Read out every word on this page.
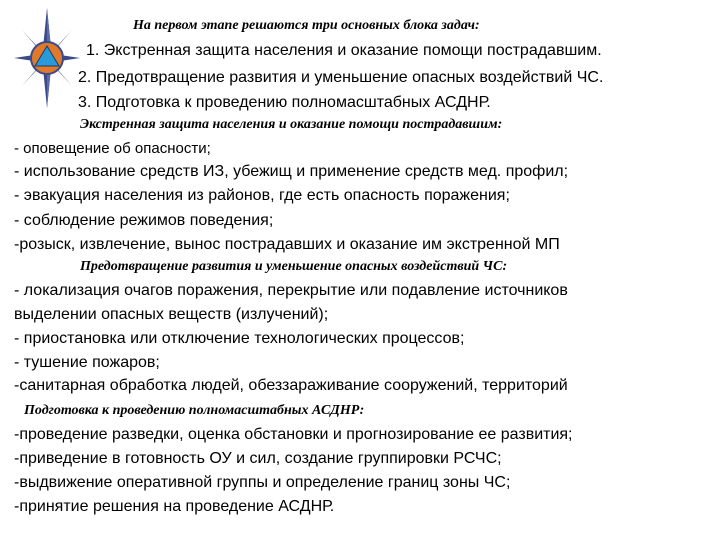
На первом этапе решаются три основных блока задач:
1. Экстренная защита населения и оказание помощи пострадавшим.
2. Предотвращение развития и уменьшение опасных воздействий ЧС.
3. Подготовка к проведению полномасштабных АСДНР.
Экстренная защита населения и оказание помощи пострадавшим:
- оповещение об опасности;
- использование средств ИЗ, убежищ и применение средств мед. профил;
- эвакуация населения из районов, где есть опасность поражения;
- соблюдение режимов поведения;
-розыск, извлечение, вынос пострадавших и оказание им экстренной МП
Предотвращение развития и уменьшение опасных воздействий ЧС:
- локализация очагов поражения, перекрытие или подавление источников
выделении опасных веществ (излучений);
- приостановка или отключение технологических процессов;
- тушение пожаров;
-санитарная обработка людей, обеззараживание сооружений, территорий
Подготовка к проведению полномасштабных АСДНР:
-проведение разведки, оценка обстановки и прогнозирование ее развития;
-приведение в готовность ОУ и сил, создание группировки РСЧС;
-выдвижение оперативной группы и определение границ зоны ЧС;
-принятие решения на проведение АСДНР.
